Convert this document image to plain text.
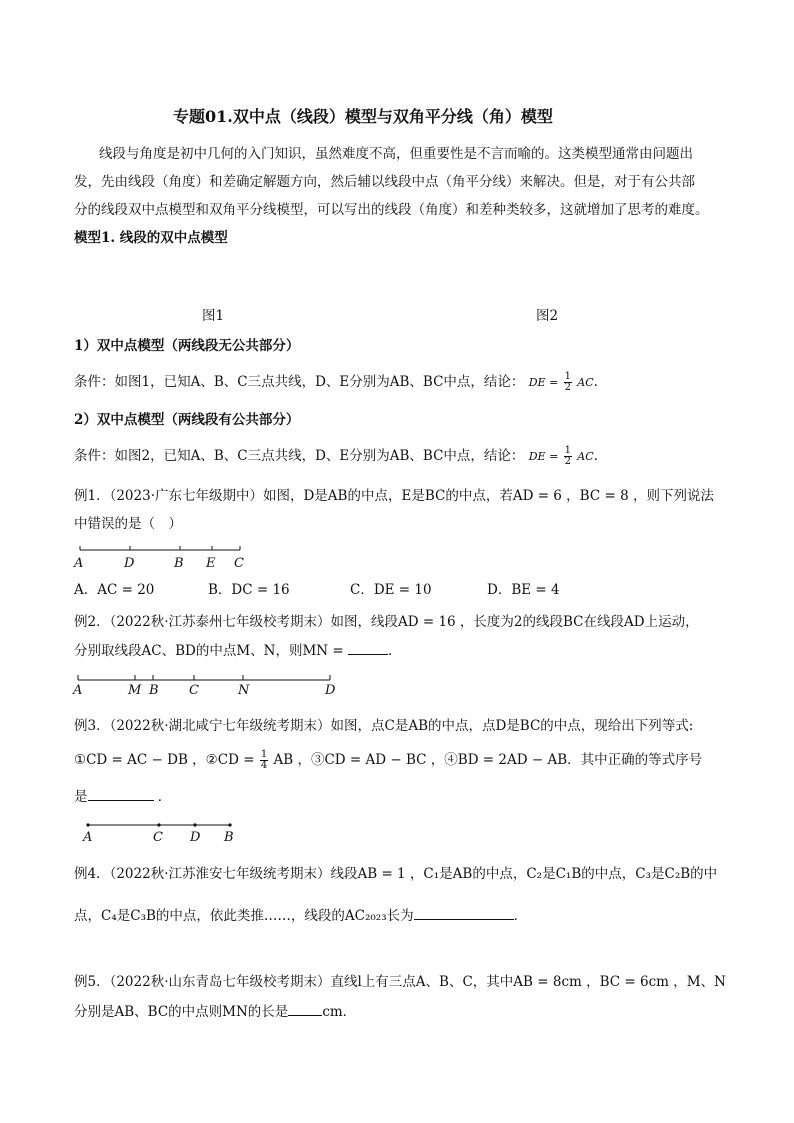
专题01.双中点（线段）模型与双角平分线（角）模型
线段与角度是初中几何的入门知识，虽然难度不高，但重要性是不言而喻的。这类模型通常由问题出
发，先由线段（角度）和差确定解题方向，然后辅以线段中点（角平分线）来解决。但是，对于有公共部
分的线段双中点模型和双角平分线模型，可以写出的线段（角度）和差种类较多，这就增加了思考的难度。
模型1. 线段的双中点模型
图1	图2
1）双中点模型（两线段无公共部分）
条件：如图1，已知A、B、C三点共线，D、E分别为AB、BC中点，结论： DE = $\frac{1}{2}$ AC.
2）双中点模型（两线段有公共部分）
条件：如图2，已知A、B、C三点共线，D、E分别为AB、BC中点，结论： DE = $\frac{1}{2}$ AC.
例1．（2023·广东七年级期中）如图，D是AB的中点，E是BC的中点，若AD = 6 ，BC = 8 ，则下列说法
中错误的是（　）
A	D	B E C
A．AC = 20	B．DC = 16	C．DE = 10	D．BE = 4
例2．（2022秋·江苏泰州七年级校考期末）如图，线段AD = 16 ，长度为2的线段BC在线段AD上运动，
分别取线段AC、BD的中点M、N，则MN =	.
A	M B C	N	D
例3．（2022秋·湖北咸宁七年级统考期末）如图，点C是AB的中点，点D是BC的中点，现给出下列等式:
①CD = AC − DB ，②CD = $\frac{1}{4}$ AB ，③CD = AD − BC ，④BD = 2AD − AB．其中正确的等式序号
是	．
A	C D B
例4．（2022秋·江苏淮安七年级统考期末）线段AB = 1 ，C₁是AB的中点，C₂是C₁B的中点，C₃是C₂B的中
点，C₄是C₃B的中点，依此类推……，线段的AC₂₀₂₃长为	．
例5．（2022秋·山东青岛七年级校考期末）直线l上有三点A、B、C，其中AB = 8cm ，BC = 6cm ，M、N
分别是AB、BC的中点则MN的长是	cm．
